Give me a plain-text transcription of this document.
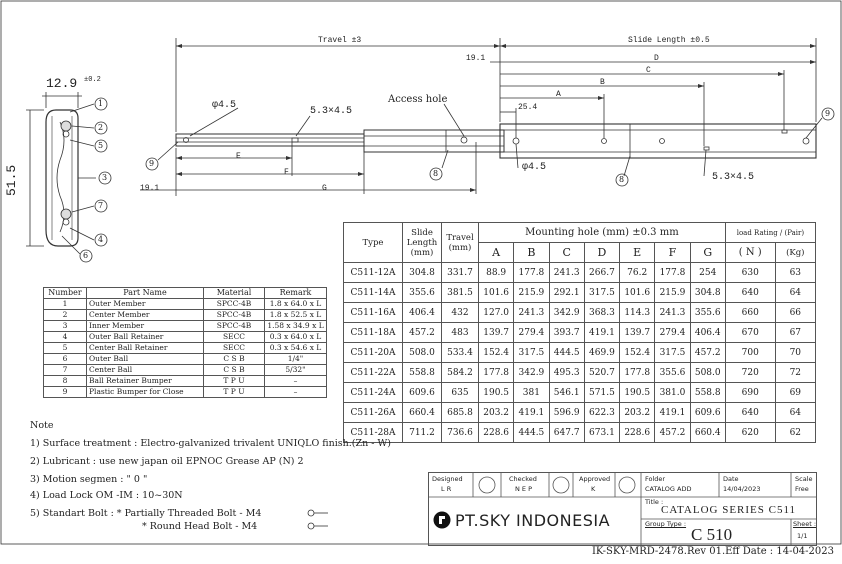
Travel ±3	Slide Length ±0.5
19.1	D
C
B
A
25.4
Access hole
φ4.5
5.3×4.5
E
F
G
19.1
φ4.5
5.3×4.5
12.9 ±0.2
51.5
1
2
5
3
7
4
6
9
8
8
9
Number	Part Name	Material	Remark
1	Outer Member	SPCC-4B	1.8 x 64.0 x L
2	Center Member	SPCC-4B	1.8 x 52.5 x L
3	Inner Member	SPCC-4B	1.58 x 34.9 x L
4	Outer Ball Retainer	SECC	0.3 x 64.0 x L
5	Center Ball Retainer	SECC	0.3 x 54.6 x L
6	Outer Ball	C S B	1/4"
7	Center Ball	C S B	5/32"
8	Ball Retainer Bumper	T P U	–
9	Plastic Bumper for Close	T P U	–
Type	Slide Length (mm)	Travel (mm)	Mounting hole (mm) ±0.3 mm							load Rating / (Pair)	
			A	B	C	D	E	F	G	( N )	(Kg)
C511-12A	304.8	331.7	88.9	177.8	241.3	266.7	76.2	177.8	254	630	63
C511-14A	355.6	381.5	101.6	215.9	292.1	317.5	101.6	215.9	304.8	640	64
C511-16A	406.4	432	127.0	241.3	342.9	368.3	114.3	241.3	355.6	660	66
C511-18A	457.2	483	139.7	279.4	393.7	419.1	139.7	279.4	406.4	670	67
C511-20A	508.0	533.4	152.4	317.5	444.5	469.9	152.4	317.5	457.2	700	70
C511-22A	558.8	584.2	177.8	342.9	495.3	520.7	177.8	355.6	508.0	720	72
C511-24A	609.6	635	190.5	381	546.1	571.5	190.5	381.0	558.8	690	69
C511-26A	660.4	685.8	203.2	419.1	596.9	622.3	203.2	419.1	609.6	640	64
C511-28A	711.2	736.6	228.6	444.5	647.7	673.1	228.6	457.2	660.4	620	62
Note
1) Surface treatment : Electro-galvanized trivalent UNIQLO finish.(Zn - W)
2) Lubricant : use new japan oil EPNOC Grease AP (N) 2
3) Motion segmen : " 0 "
4) Load Lock OM -IM : 10~30N
5) Standart Bolt : * Partially Threaded Bolt - M4
* Round Head Bolt - M4
Designed
L R
Checked
N E P
Approved
K
Folder
CATALOG ADD
Date
14/04/2023
Scale
Free
Title :
CATALOG SERIES C511
Group Type :
C 510
Sheet :
1/1
PT.SKY INDONESIA
IK-SKY-MRD-2478.Rev 01.Eff Date : 14-04-2023
